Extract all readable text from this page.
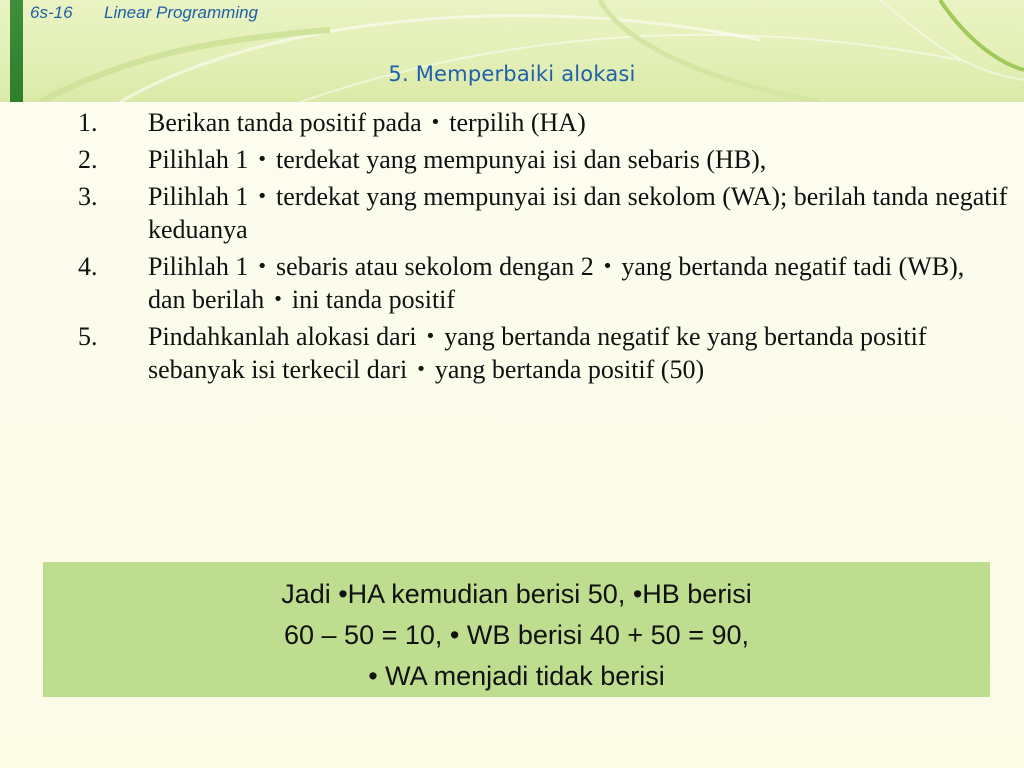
6s-16 Linear Programming
5. Memperbaiki alokasi
1. Berikan tanda positif pada • terpilih (HA)
2. Pilihlah 1 • terdekat yang mempunyai isi dan sebaris (HB),
3. Pilihlah 1 • terdekat yang mempunyai isi dan sekolom (WA); berilah tanda negatif keduanya
4. Pilihlah 1 • sebaris atau sekolom dengan 2 • yang bertanda negatif tadi (WB), dan berilah • ini tanda positif
5. Pindahkanlah alokasi dari • yang bertanda negatif ke yang bertanda positif sebanyak isi terkecil dari • yang bertanda positif (50)
Jadi •HA kemudian berisi 50, •HB berisi
60 – 50 = 10, • WB berisi 40 + 50 = 90,
• WA menjadi tidak berisi
